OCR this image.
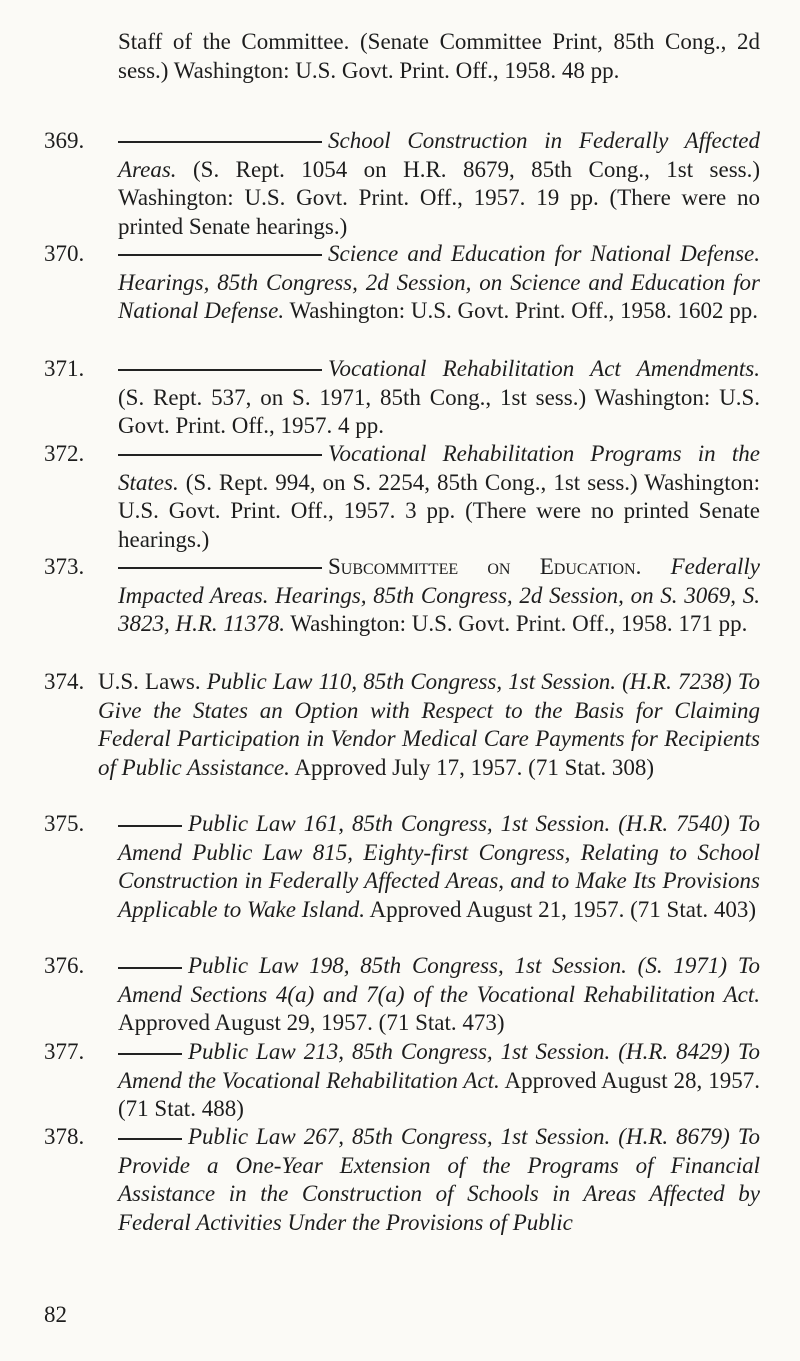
Staff of the Committee. (Senate Committee Print, 85th Cong., 2d sess.) Washington: U.S. Govt. Print. Off., 1958. 48 pp.
369.	School Construction in Federally Affected Areas. (S. Rept. 1054 on H.R. 8679, 85th Cong., 1st sess.) Washington: U.S. Govt. Print. Off., 1957. 19 pp. (There were no printed Senate hearings.)
370.	Science and Education for National Defense. Hearings, 85th Congress, 2d Session, on Science and Education for National Defense. Washington: U.S. Govt. Print. Off., 1958. 1602 pp.
371.	Vocational Rehabilitation Act Amendments. (S. Rept. 537, on S. 1971, 85th Cong., 1st sess.) Washington: U.S. Govt. Print. Off., 1957. 4 pp.
372.	Vocational Rehabilitation Programs in the States. (S. Rept. 994, on S. 2254, 85th Cong., 1st sess.) Washington: U.S. Govt. Print. Off., 1957. 3 pp. (There were no printed Senate hearings.)
373.	Subcommittee on Education. Federally Impacted Areas. Hearings, 85th Congress, 2d Session, on S. 3069, S. 3823, H.R. 11378. Washington: U.S. Govt. Print. Off., 1958. 171 pp.
374. U.S. Laws. Public Law 110, 85th Congress, 1st Session. (H.R. 7238) To Give the States an Option with Respect to the Basis for Claiming Federal Participation in Vendor Medical Care Payments for Recipients of Public Assistance. Approved July 17, 1957. (71 Stat. 308)
375.	Public Law 161, 85th Congress, 1st Session. (H.R. 7540) To Amend Public Law 815, Eighty-first Congress, Relating to School Construction in Federally Affected Areas, and to Make Its Provisions Applicable to Wake Island. Approved August 21, 1957. (71 Stat. 403)
376.	Public Law 198, 85th Congress, 1st Session. (S. 1971) To Amend Sections 4(a) and 7(a) of the Vocational Rehabilitation Act. Approved August 29, 1957. (71 Stat. 473)
377.	Public Law 213, 85th Congress, 1st Session. (H.R. 8429) To Amend the Vocational Rehabilitation Act. Approved August 28, 1957. (71 Stat. 488)
378.	Public Law 267, 85th Congress, 1st Session. (H.R. 8679) To Provide a One-Year Extension of the Programs of Financial Assistance in the Construction of Schools in Areas Affected by Federal Activities Under the Provisions of Public
82
